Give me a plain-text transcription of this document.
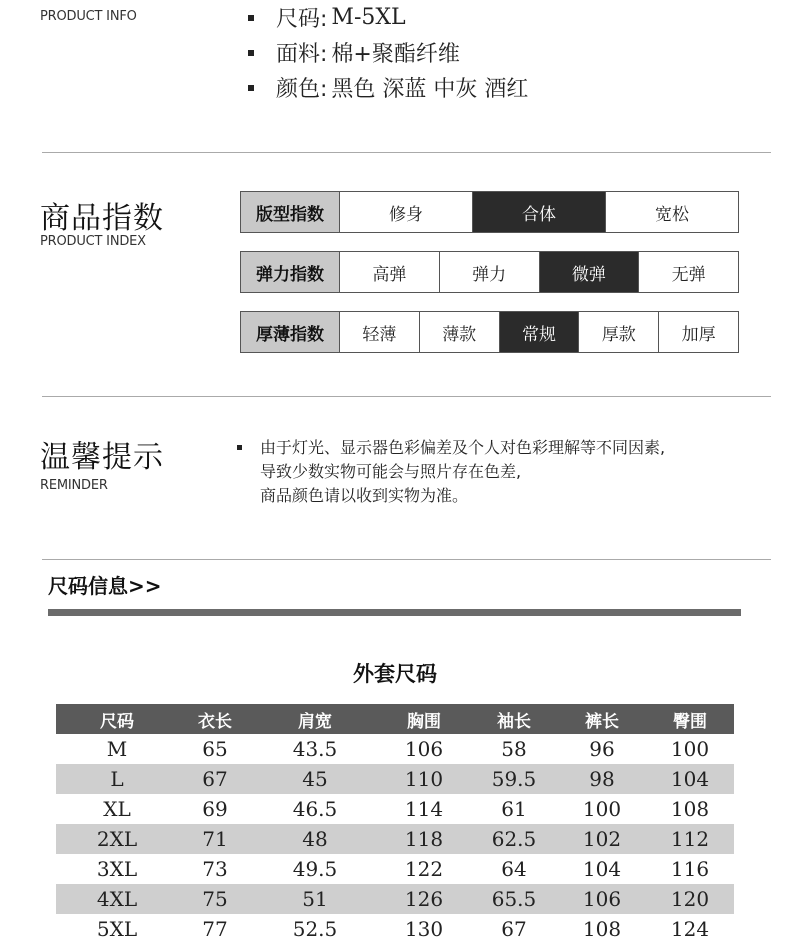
PRODUCT INFO	尺码: M-5XL
面料: 棉+聚酯纤维
颜色: 黑色 深蓝 中灰 酒红
商品指数
PRODUCT INDEX
版型指数	修身	合体	宽松
弹力指数	高弹	弹力	微弹	无弹
厚薄指数	轻薄	薄款	常规	厚款	加厚
温馨提示
REMINDER
由于灯光、显示器色彩偏差及个人对色彩理解等不同因素,
导致少数实物可能会与照片存在色差,
商品颜色请以收到实物为准。
尺码信息>>
外套尺码
尺码	衣长	肩宽	胸围	袖长	裤长	臀围
M	65	43.5	106	58	96	100
L	67	45	110	59.5	98	104
XL	69	46.5	114	61	100	108
2XL	71	48	118	62.5	102	112
3XL	73	49.5	122	64	104	116
4XL	75	51	126	65.5	106	120
5XL	77	52.5	130	67	108	124
